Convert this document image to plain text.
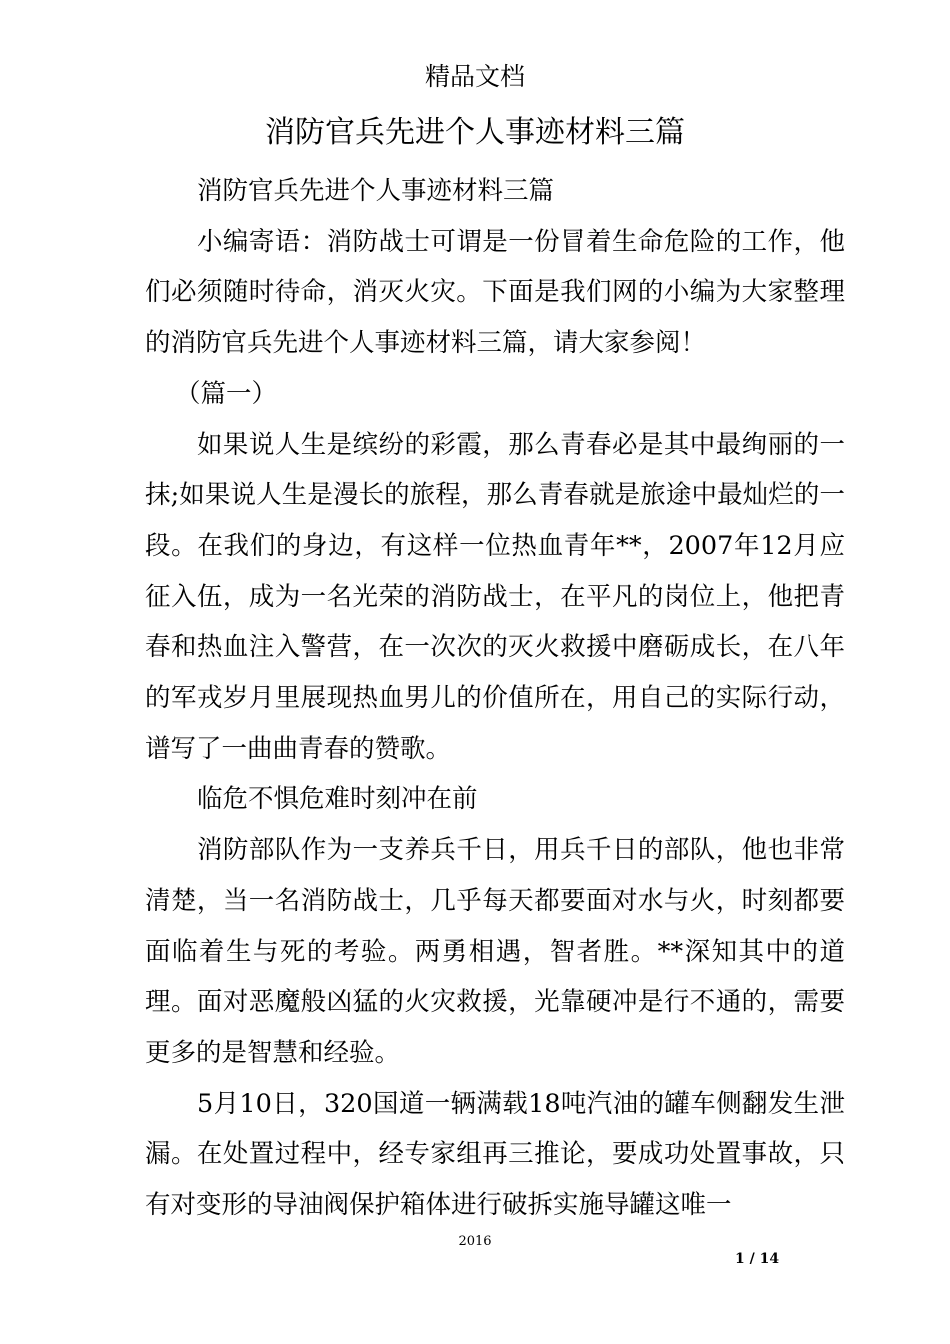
精品文档
消防官兵先进个人事迹材料三篇

消防官兵先进个人事迹材料三篇

小编寄语：消防战士可谓是一份冒着生命危险的工作，他们必须随时待命，消灭火灾。下面是我们网的小编为大家整理的消防官兵先进个人事迹材料三篇，请大家参阅！

（篇一）

如果说人生是缤纷的彩霞，那么青春必是其中最绚丽的一抹;如果说人生是漫长的旅程，那么青春就是旅途中最灿烂的一段。在我们的身边，有这样一位热血青年**，2007年12月应征入伍，成为一名光荣的消防战士，在平凡的岗位上，他把青春和热血注入警营，在一次次的灭火救援中磨砺成长，在八年的军戎岁月里展现热血男儿的价值所在，用自己的实际行动，谱写了一曲曲青春的赞歌。

临危不惧危难时刻冲在前

消防部队作为一支养兵千日，用兵千日的部队，他也非常清楚，当一名消防战士，几乎每天都要面对水与火，时刻都要面临着生与死的考验。两勇相遇，智者胜。**深知其中的道理。面对恶魔般凶猛的火灾救援，光靠硬冲是行不通的，需要更多的是智慧和经验。

5月10日，320国道一辆满载18吨汽油的罐车侧翻发生泄漏。在处置过程中，经专家组再三推论，要成功处置事故，只有对变形的导油阀保护箱体进行破拆实施导罐这唯一

2016
1 / 14
